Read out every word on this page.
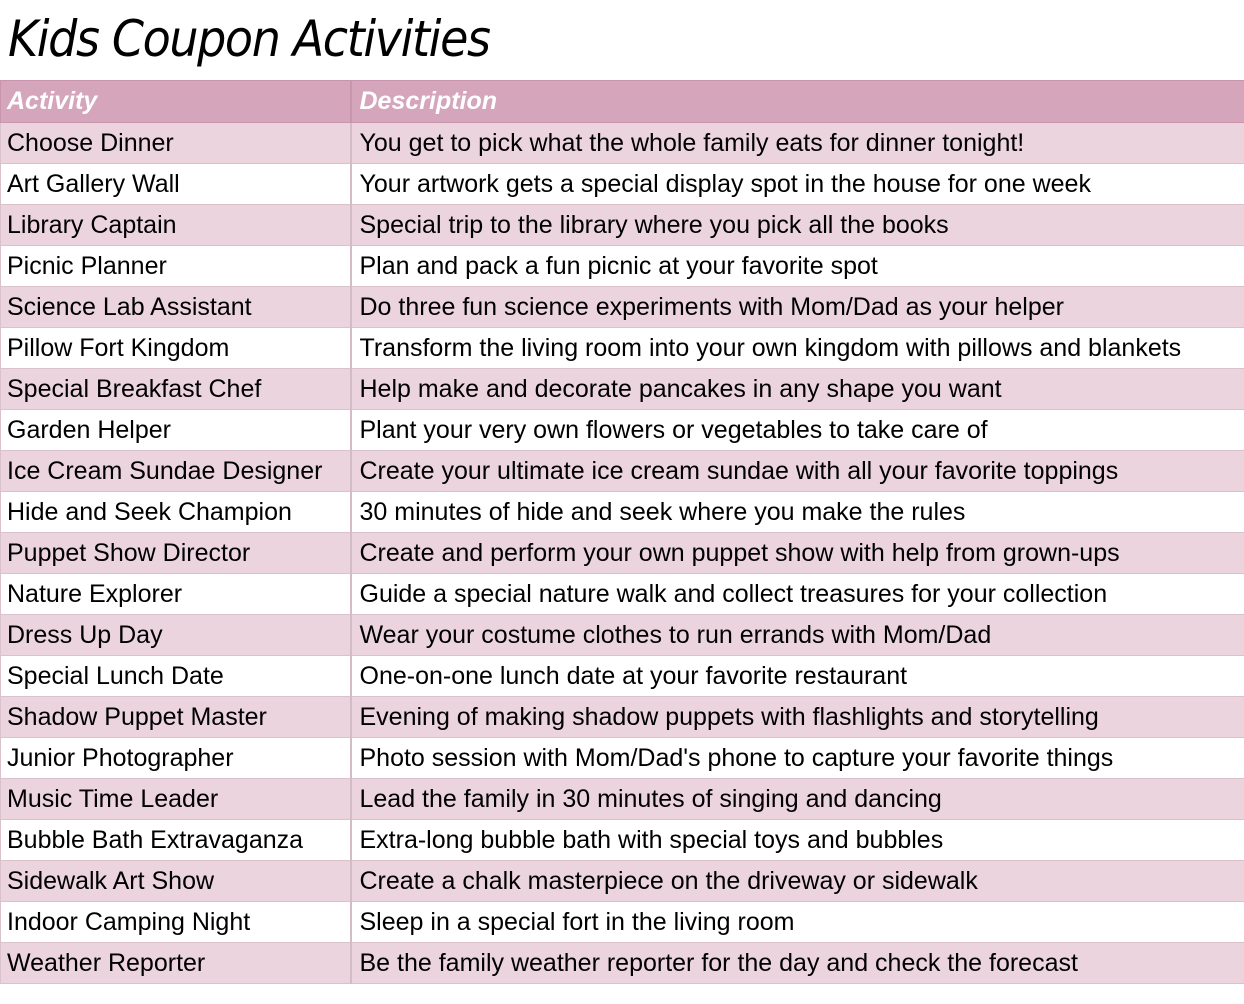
Kids Coupon Activities
Activity	Description
Choose Dinner	You get to pick what the whole family eats for dinner tonight!
Art Gallery Wall	Your artwork gets a special display spot in the house for one week
Library Captain	Special trip to the library where you pick all the books
Picnic Planner	Plan and pack a fun picnic at your favorite spot
Science Lab Assistant	Do three fun science experiments with Mom/Dad as your helper
Pillow Fort Kingdom	Transform the living room into your own kingdom with pillows and blankets
Special Breakfast Chef	Help make and decorate pancakes in any shape you want
Garden Helper	Plant your very own flowers or vegetables to take care of
Ice Cream Sundae Designer	Create your ultimate ice cream sundae with all your favorite toppings
Hide and Seek Champion	30 minutes of hide and seek where you make the rules
Puppet Show Director	Create and perform your own puppet show with help from grown-ups
Nature Explorer	Guide a special nature walk and collect treasures for your collection
Dress Up Day	Wear your costume clothes to run errands with Mom/Dad
Special Lunch Date	One-on-one lunch date at your favorite restaurant
Shadow Puppet Master	Evening of making shadow puppets with flashlights and storytelling
Junior Photographer	Photo session with Mom/Dad's phone to capture your favorite things
Music Time Leader	Lead the family in 30 minutes of singing and dancing
Bubble Bath Extravaganza	Extra-long bubble bath with special toys and bubbles
Sidewalk Art Show	Create a chalk masterpiece on the driveway or sidewalk
Indoor Camping Night	Sleep in a special fort in the living room
Weather Reporter	Be the family weather reporter for the day and check the forecast
